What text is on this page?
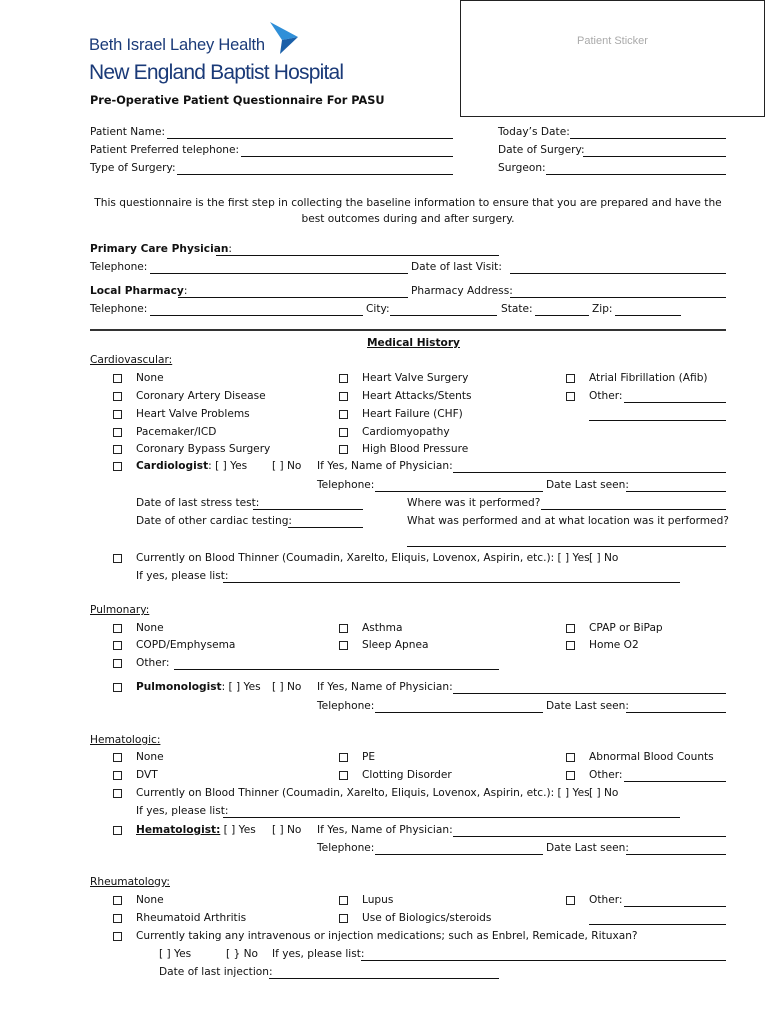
Beth Israel Lahey Health
New England Baptist Hospital
Patient Sticker
Pre-Operative Patient Questionnaire For PASU
Patient Name:
Patient Preferred telephone:
Type of Surgery:
Today’s Date:
Date of Surgery:
Surgeon:
This questionnaire is the first step in collecting the baseline information to ensure that you are prepared and have the best outcomes during and after surgery.
Primary Care Physician:
Telephone:	Date of last Visit:
Local Pharmacy:	Pharmacy Address:
Telephone:	City:	State:	Zip:
Medical History
Cardiovascular:
None
Coronary Artery Disease
Heart Valve Problems
Pacemaker/ICD
Coronary Bypass Surgery
Heart Valve Surgery
Heart Attacks/Stents
Heart Failure (CHF)
Cardiomyopathy
High Blood Pressure
Atrial Fibrillation (Afib)
Other:
Cardiologist: [ ] Yes [ ] No If Yes, Name of Physician:
Telephone:	Date Last seen:
Date of last stress test:	Where was it performed?
Date of other cardiac testing:	What was performed and at what location was it performed?
Currently on Blood Thinner (Coumadin, Xarelto, Eliquis, Lovenox, Aspirin, etc.): [ ] Yes [ ] No
If yes, please list:
Pulmonary:
None
COPD/Emphysema
Other:
Asthma
Sleep Apnea
CPAP or BiPap
Home O2
Pulmonologist: [ ] Yes [ ] No If Yes, Name of Physician:
Telephone:	Date Last seen:
Hematologic:
None
DVT
PE
Clotting Disorder
Abnormal Blood Counts
Other:
Currently on Blood Thinner (Coumadin, Xarelto, Eliquis, Lovenox, Aspirin, etc.): [ ] Yes [ ] No
If yes, please list:
Hematologist: [ ] Yes [ ] No If Yes, Name of Physician:
Telephone:	Date Last seen:
Rheumatology:
None
Rheumatoid Arthritis
Lupus
Use of Biologics/steroids
Other:
Currently taking any intravenous or injection medications; such as Enbrel, Remicade, Rituxan?
[ ] Yes	[ } No If yes, please list:
Date of last injection:
